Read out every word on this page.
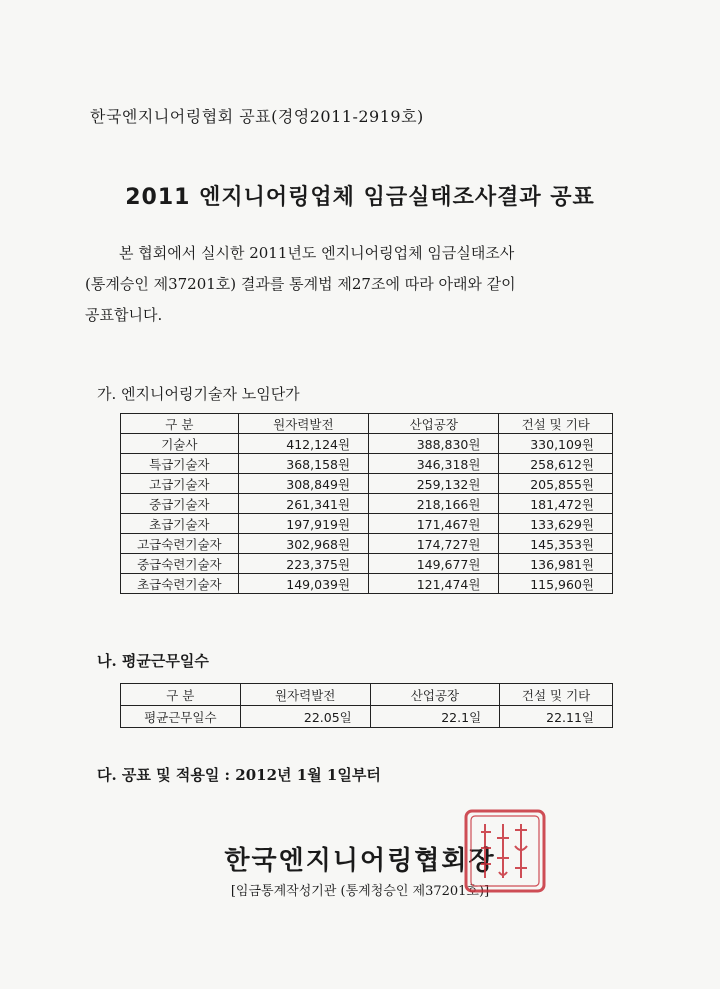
한국엔지니어링협회 공표(경영2011-2919호)
2011 엔지니어링업체 임금실태조사결과 공표

본 협회에서 실시한 2011년도 엔지니어링업체 임금실태조사

(통계승인 제37201호) 결과를 통계법 제27조에 따라 아래와 같이

공표합니다.

가. 엔지니어링기술자 노임단가
구 분	원자력발전	산업공장	건설 및 기타
기술사	412,124원	388,830원	330,109원
특급기술자	368,158원	346,318원	258,612원
고급기술자	308,849원	259,132원	205,855원
중급기술자	261,341원	218,166원	181,472원
초급기술자	197,919원	171,467원	133,629원
고급숙련기술자	302,968원	174,727원	145,353원
중급숙련기술자	223,375원	149,677원	136,981원
초급숙련기술자	149,039원	121,474원	115,960원
나. 평균근무일수
구 분	원자력발전	산업공장	건설 및 기타
평균근무일수	22.05일	22.1일	22.11일
다. 공표 및 적용일 : 2012년 1월 1일부터
한국엔지니어링협회장
[임금통계작성기관 (통계청승인 제37201호)]
